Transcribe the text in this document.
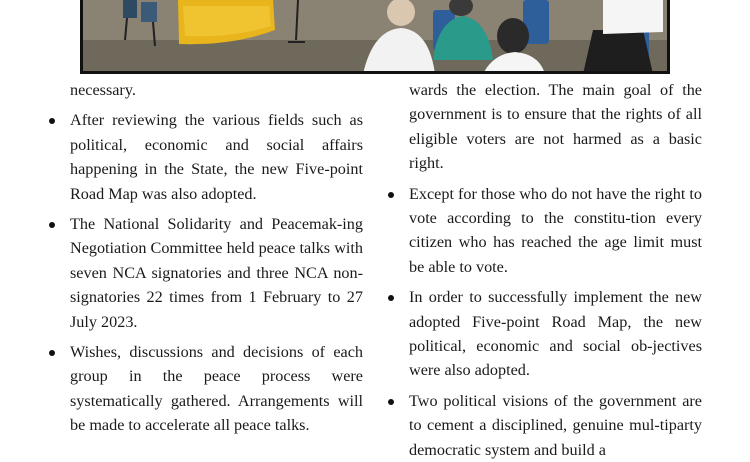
necessary.

After reviewing the various fields such as political, economic and social affairs happening in the State, the new Five-point Road Map was also adopted.
The National Solidarity and Peacemak-ing Negotiation Committee held peace talks with seven NCA signatories and three NCA non-signatories 22 times from 1 February to 27 July 2023.
Wishes, discussions and decisions of each group in the peace process were systematically gathered. Arrangements will be made to accelerate all peace talks.

wards the election. The main goal of the government is to ensure that the rights of all eligible voters are not harmed as a basic right.

Except for those who do not have the right to vote according to the constitu-tion every citizen who has reached the age limit must be able to vote.
In order to successfully implement the new adopted Five-point Road Map, the new political, economic and social ob-jectives were also adopted.
Two political visions of the government are to cement a disciplined, genuine mul-tiparty democratic system and build a
